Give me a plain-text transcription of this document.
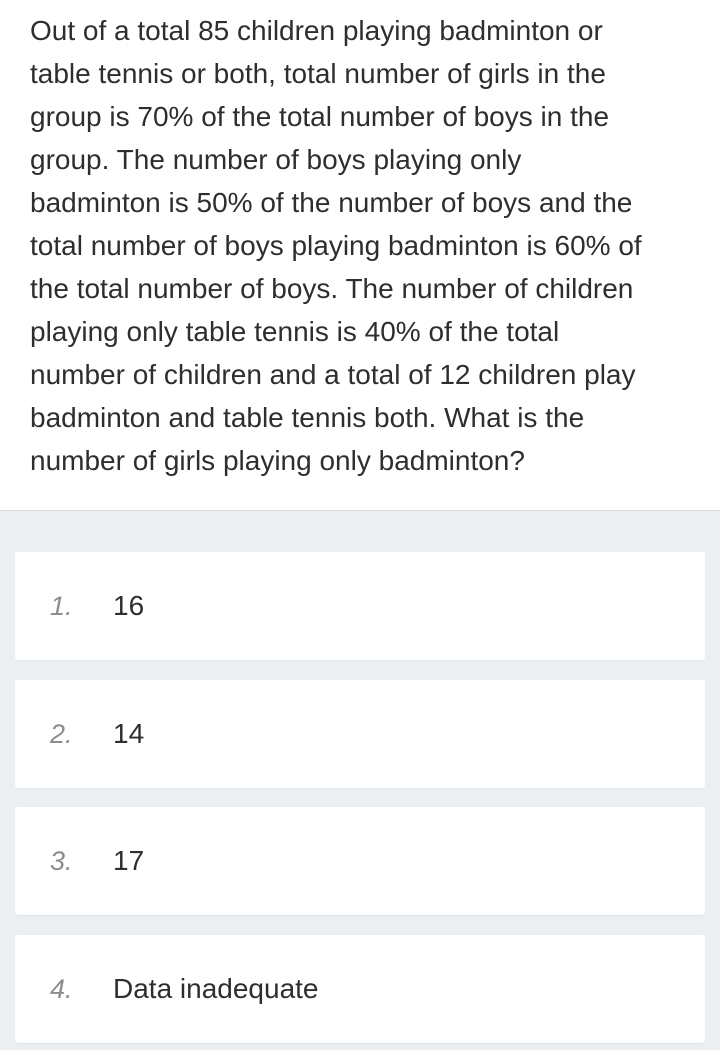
Out of a total 85 children playing badminton or
table tennis or both, total number of girls in the
group is 70% of the total number of boys in the
group. The number of boys playing only
badminton is 50% of the number of boys and the
total number of boys playing badminton is 60% of
the total number of boys. The number of children
playing only table tennis is 40% of the total
number of children and a total of 12 children play
badminton and table tennis both. What is the
number of girls playing only badminton?

1. 16
2. 14
3. 17
4. Data inadequate
